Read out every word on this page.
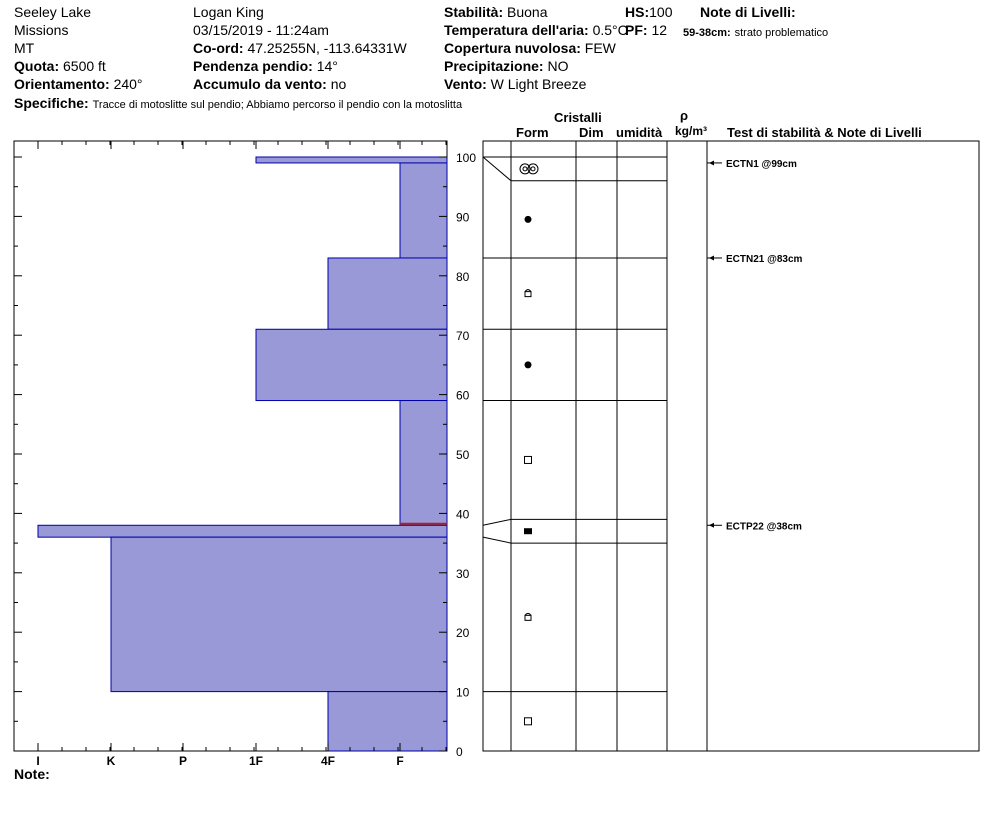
Seeley Lake
Missions
MT
Quota: 6500 ft
Orientamento: 240°
Specifiche: Tracce di motoslitte sul pendio; Abbiamo percorso il pendio con la motoslitta
Logan King
03/15/2019 - 11:24am
Co-ord: 47.25255N, -113.64331W
Pendenza pendio: 14°
Accumulo da vento: no
Stabilità: Buona
Temperatura dell'aria: 0.5°C
Copertura nuvolosa: FEW
Precipitazione: NO
Vento: W Light Breeze
HS:100
PF: 12
Note di Livelli:
59-38cm: strato problematico
Cristalli
Form Dim umidità
ρ
kg/m³ Test di stabilità & Note di Livelli
Note:
I	K	P	1F	4F	F
0
10
20
30
40
50
60
70
80
90
100	ECTN1 @99cm
ECTN21 @83cm
ECTP22 @38cm
